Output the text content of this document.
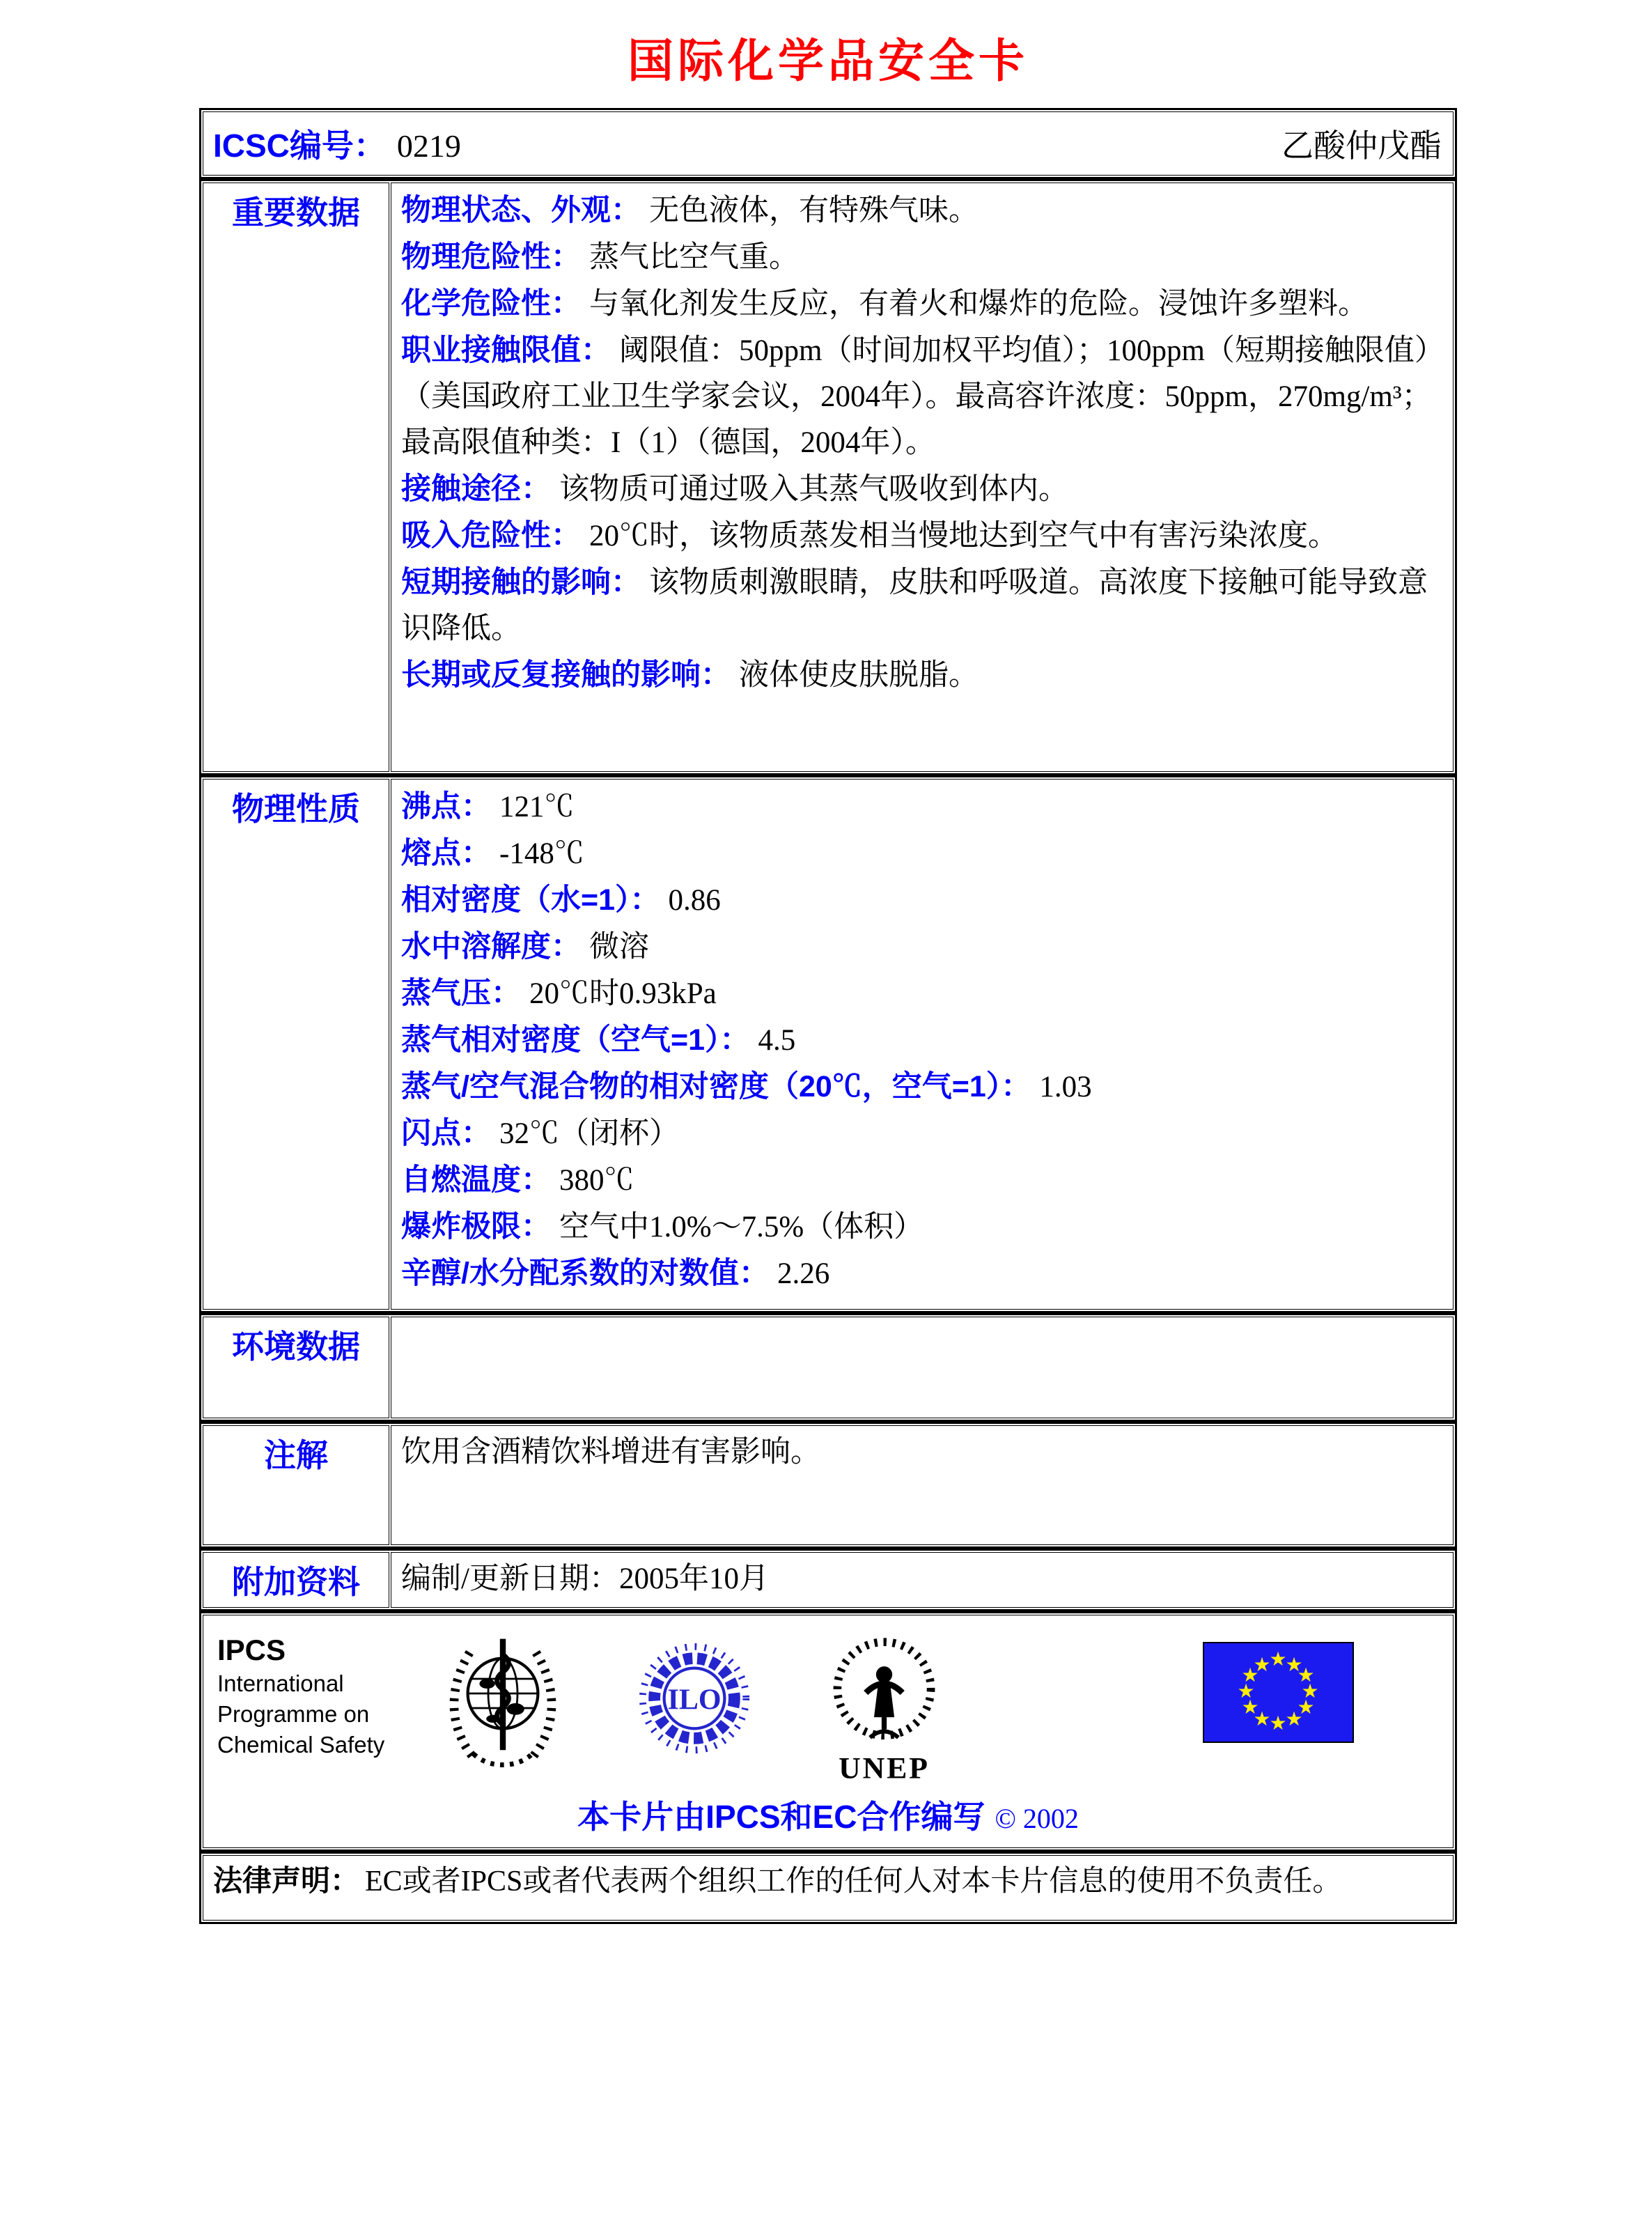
国际化学品安全卡
ICSC编号： 0219	乙酸仲戊酯
重要数据	物理状态、外观： 无色液体，有特殊气味。

物理危险性： 蒸气比空气重。

化学危险性： 与氧化剂发生反应，有着火和爆炸的危险。浸蚀许多塑料。

职业接触限值： 阈限值：50ppm（时间加权平均值）；100ppm（短期接触限值）（美国政府工业卫生学家会议，2004年）。最高容许浓度：50ppm，270mg/m³；最高限值种类：I（1）（德国，2004年）。

接触途径： 该物质可通过吸入其蒸气吸收到体内。

吸入危险性： 20℃时，该物质蒸发相当慢地达到空气中有害污染浓度。

短期接触的影响： 该物质刺激眼睛，皮肤和呼吸道。高浓度下接触可能导致意识降低。

长期或反复接触的影响： 液体使皮肤脱脂。

物理性质	沸点： 121℃

熔点： -148℃

相对密度（水=1）： 0.86

水中溶解度： 微溶

蒸气压： 20℃时0.93kPa

蒸气相对密度（空气=1）： 4.5

蒸气/空气混合物的相对密度（20℃，空气=1）： 1.03

闪点： 32℃（闭杯）

自燃温度： 380℃

爆炸极限： 空气中1.0%～7.5%（体积）

辛醇/水分配系数的对数值： 2.26

环境数据

注解	饮用含酒精饮料增进有害影响。

附加资料	编制/更新日期：2005年10月

IPCS
International
Programme on
Chemical Safety
ILO
UNEP
★
★
★
★
★
★
★
★
★
★
★
★
本卡片由IPCS和EC合作编写 © 2002

法律声明： EC或者IPCS或者代表两个组织工作的任何人对本卡片信息的使用不负责任。
